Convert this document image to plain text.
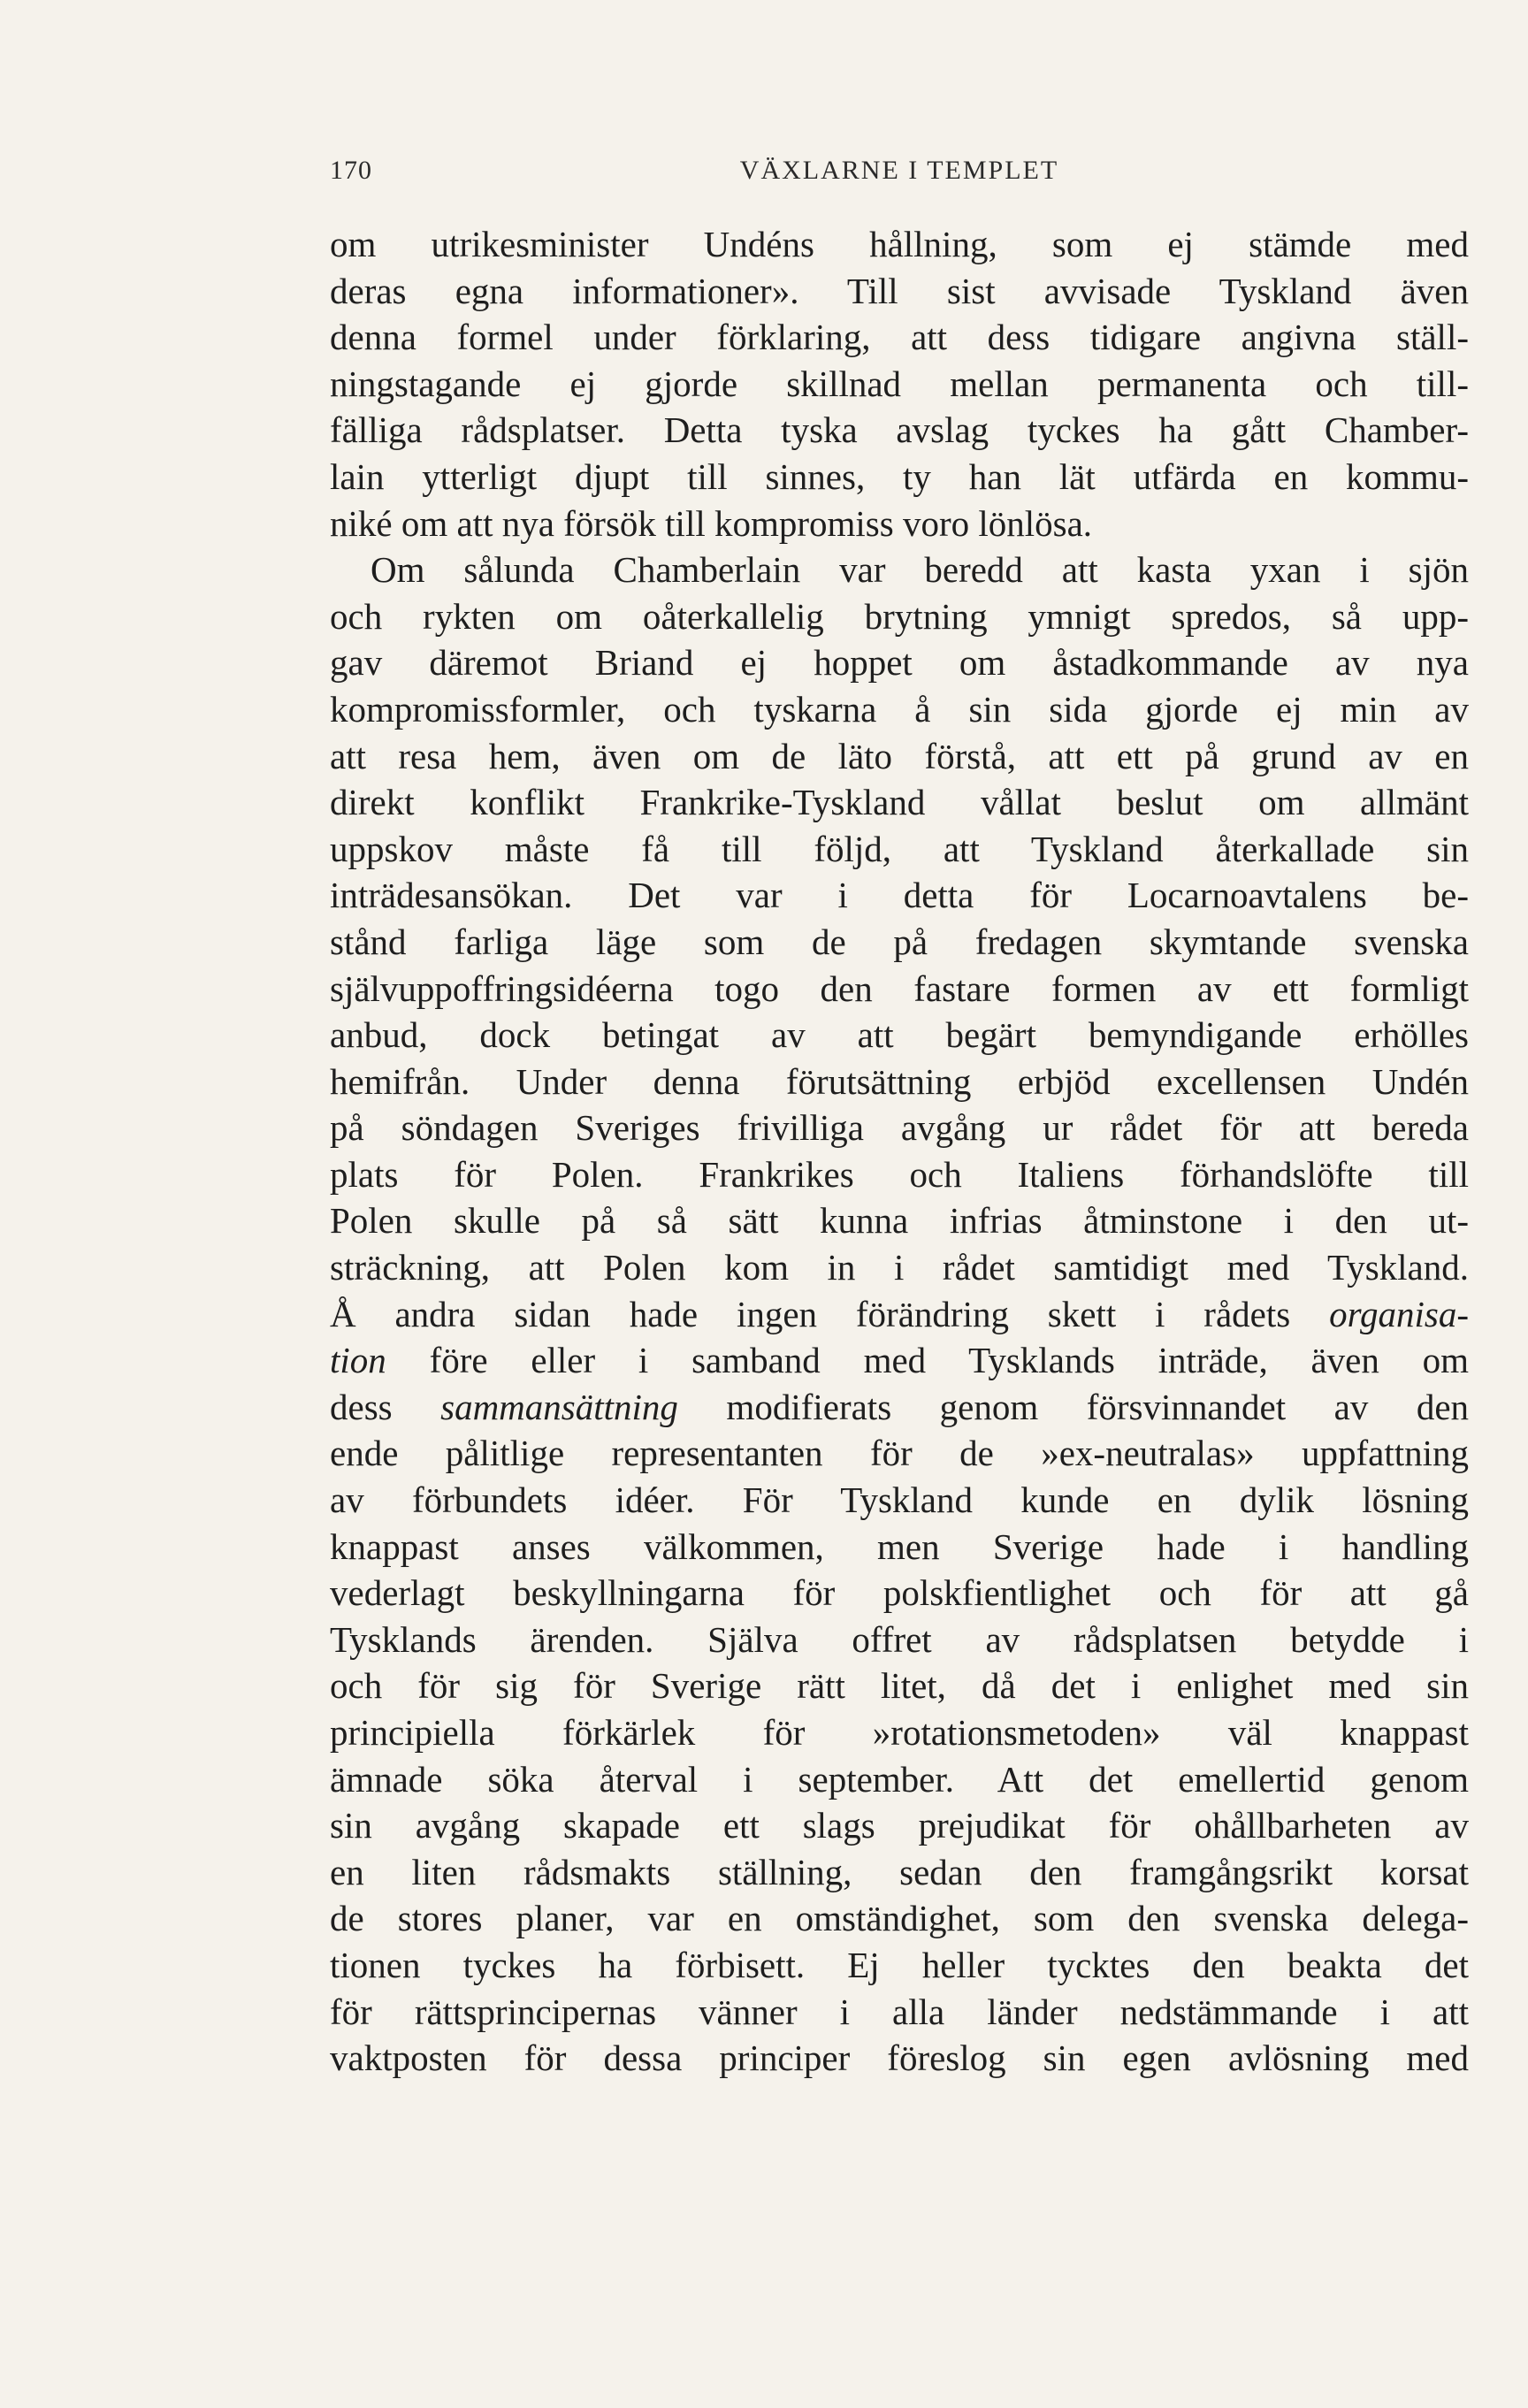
170	VÄXLARNE I TEMPLET
om utrikesminister Undéns hållning, som ej stämde med
deras egna informationer». Till sist avvisade Tyskland även
denna formel under förklaring, att dess tidigare angivna ställ-
ningstagande ej gjorde skillnad mellan permanenta och till-
fälliga rådsplatser. Detta tyska avslag tyckes ha gått Chamber-
lain ytterligt djupt till sinnes, ty han lät utfärda en kommu-
niké om att nya försök till kompromiss voro lönlösa.
Om sålunda Chamberlain var beredd att kasta yxan i sjön
och rykten om oåterkallelig brytning ymnigt spredos, så upp-
gav däremot Briand ej hoppet om åstadkommande av nya
kompromissformler, och tyskarna å sin sida gjorde ej min av
att resa hem, även om de läto förstå, att ett på grund av en
direkt konflikt Frankrike-Tyskland vållat beslut om allmänt
uppskov måste få till följd, att Tyskland återkallade sin
inträdesansökan. Det var i detta för Locarnoavtalens be-
stånd farliga läge som de på fredagen skymtande svenska
självuppoffringsidéerna togo den fastare formen av ett formligt
anbud, dock betingat av att begärt bemyndigande erhölles
hemifrån. Under denna förutsättning erbjöd excellensen Undén
på söndagen Sveriges frivilliga avgång ur rådet för att bereda
plats för Polen. Frankrikes och Italiens förhandslöfte till
Polen skulle på så sätt kunna infrias åtminstone i den ut-
sträckning, att Polen kom in i rådet samtidigt med Tyskland.
Å andra sidan hade ingen förändring skett i rådets organisa-
tion före eller i samband med Tysklands inträde, även om
dess sammansättning modifierats genom försvinnandet av den
ende pålitlige representanten för de »ex-neutralas» uppfattning
av förbundets idéer. För Tyskland kunde en dylik lösning
knappast anses välkommen, men Sverige hade i handling
vederlagt beskyllningarna för polskfientlighet och för att gå
Tysklands ärenden. Själva offret av rådsplatsen betydde i
och för sig för Sverige rätt litet, då det i enlighet med sin
principiella förkärlek för »rotationsmetoden» väl knappast
ämnade söka återval i september. Att det emellertid genom
sin avgång skapade ett slags prejudikat för ohållbarheten av
en liten rådsmakts ställning, sedan den framgångsrikt korsat
de stores planer, var en omständighet, som den svenska delega-
tionen tyckes ha förbisett. Ej heller tycktes den beakta det
för rättsprincipernas vänner i alla länder nedstämmande i att
vaktposten för dessa principer föreslog sin egen avlösning med
